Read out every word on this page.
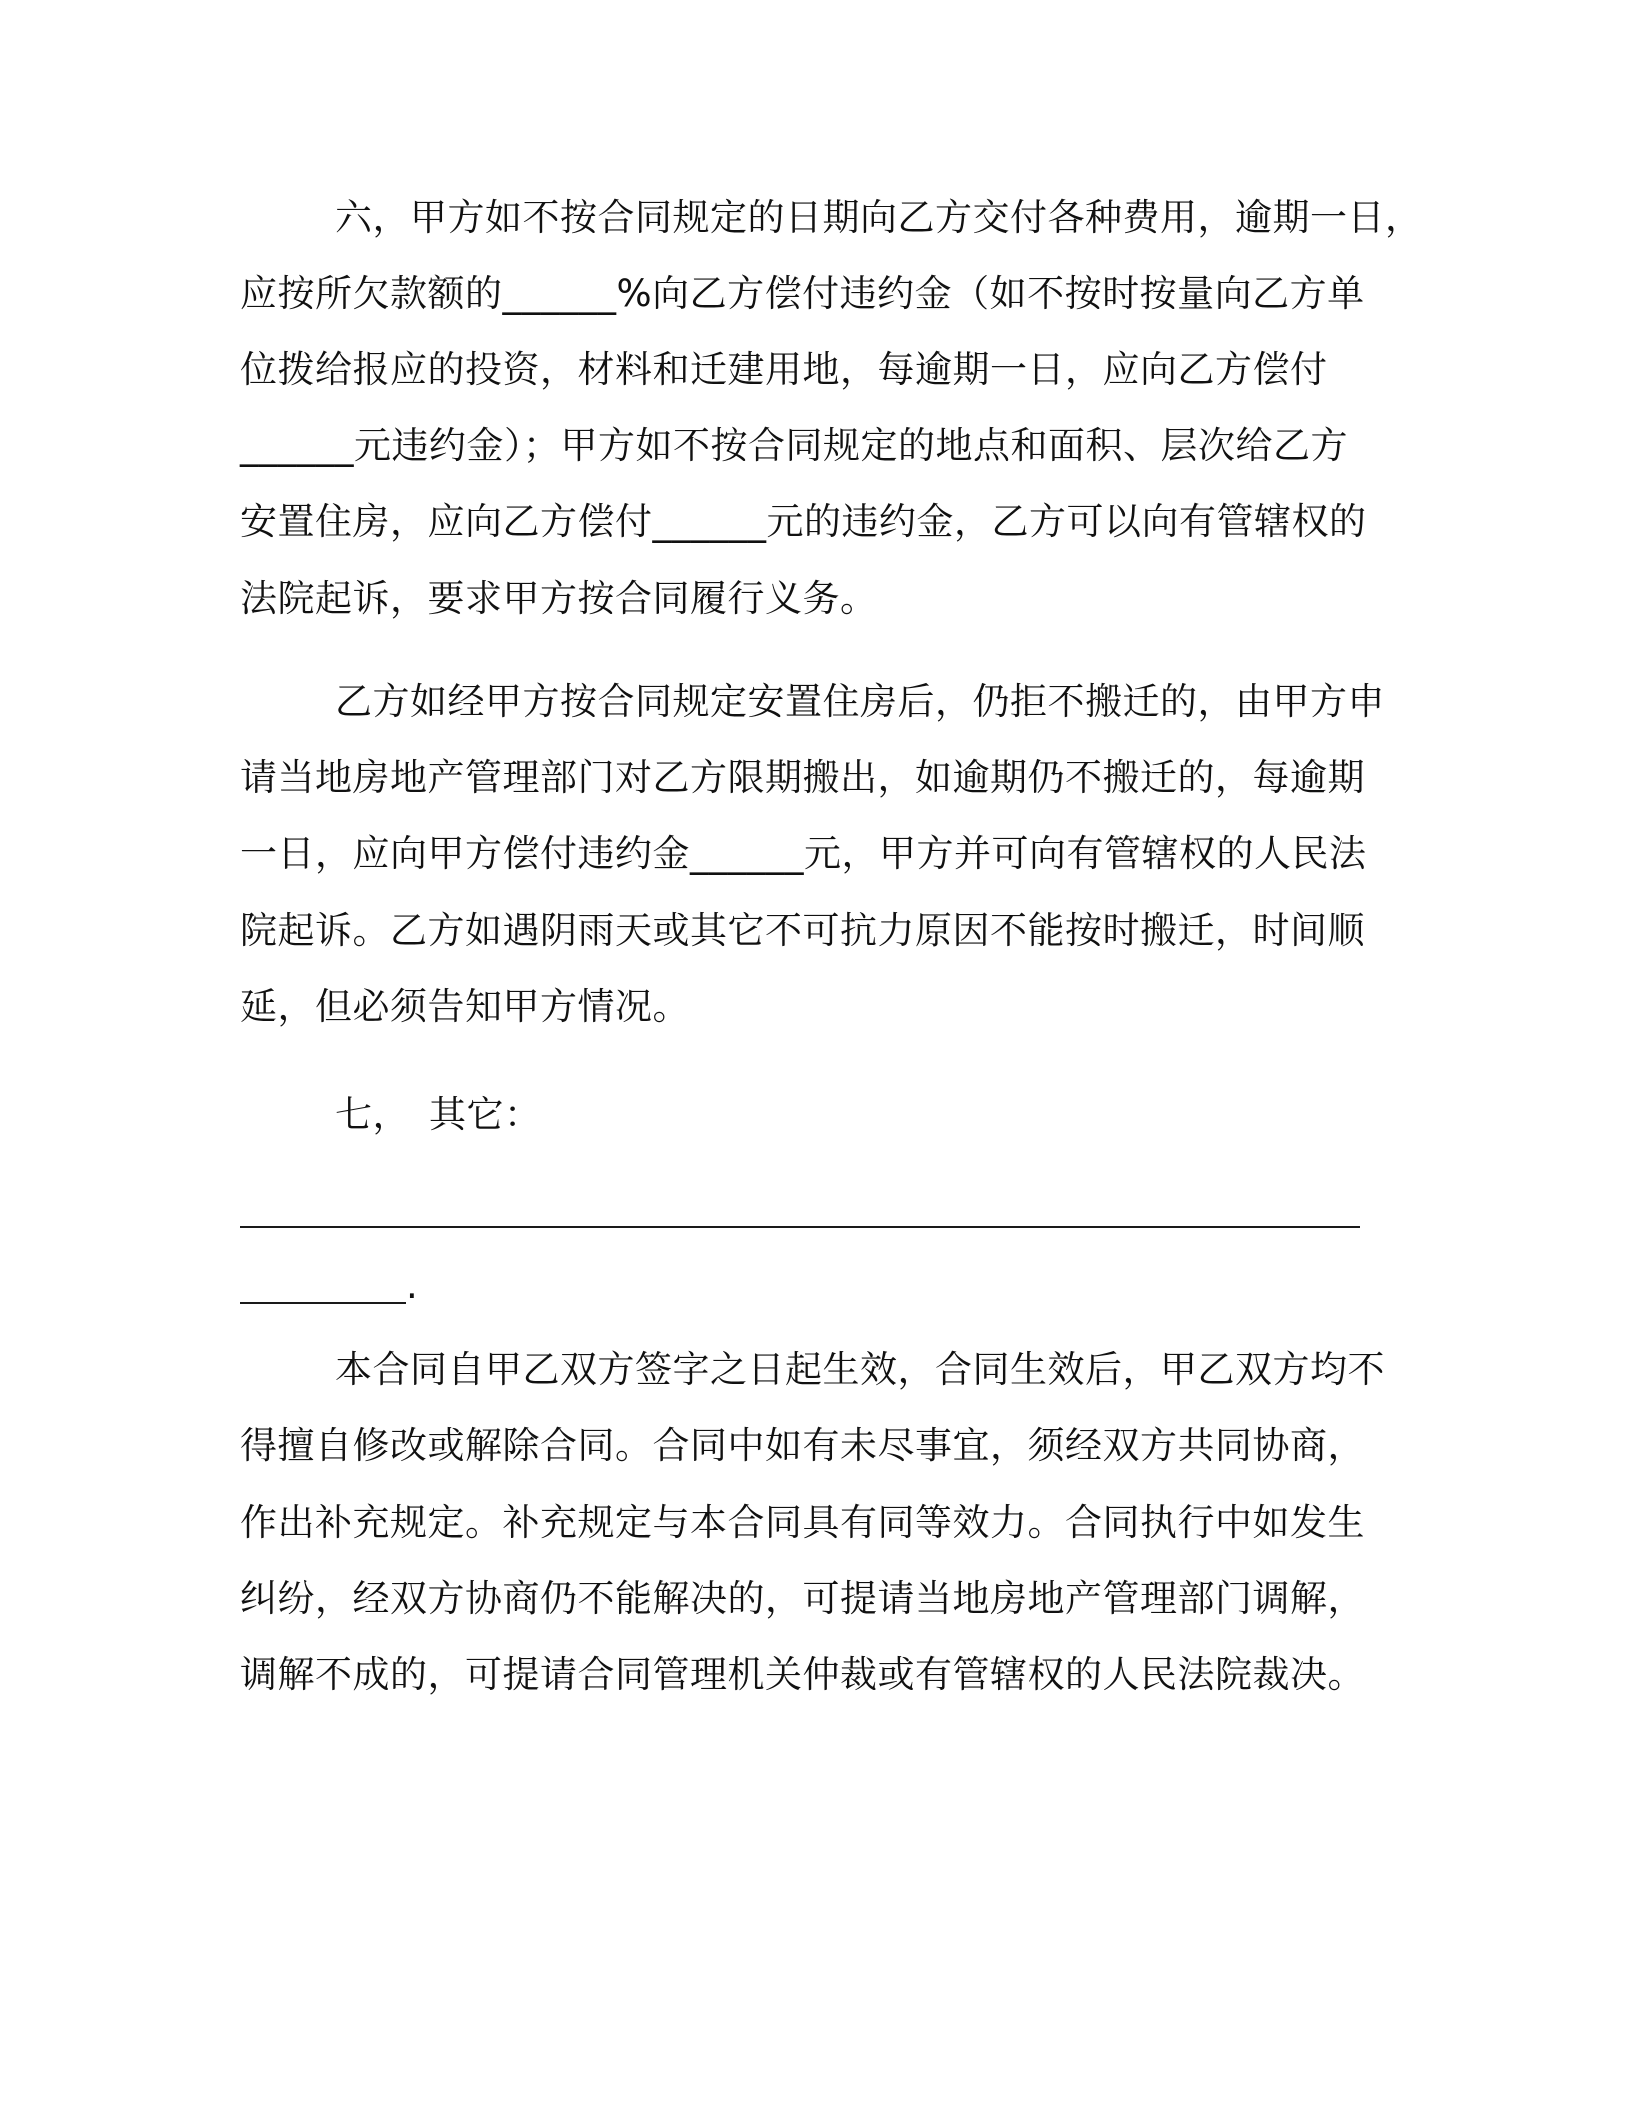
六，甲方如不按合同规定的日期向乙方交付各种费用，逾期一日，

应按所欠款额的______%向乙方偿付违约金（如不按时按量向乙方单

位拨给报应的投资，材料和迁建用地，每逾期一日，应向乙方偿付

______元违约金）；甲方如不按合同规定的地点和面积、层次给乙方

安置住房，应向乙方偿付______元的违约金，乙方可以向有管辖权的

法院起诉，要求甲方按合同履行义务。

乙方如经甲方按合同规定安置住房后，仍拒不搬迁的，由甲方申

请当地房地产管理部门对乙方限期搬出，如逾期仍不搬迁的，每逾期

一日，应向甲方偿付违约金______元，甲方并可向有管辖权的人民法

院起诉。乙方如遇阴雨天或其它不可抗力原因不能按时搬迁，时间顺

延，但必须告知甲方情况。

七，　其它：

.

本合同自甲乙双方签字之日起生效，合同生效后，甲乙双方均不

得擅自修改或解除合同。合同中如有未尽事宜，须经双方共同协商，

作出补充规定。补充规定与本合同具有同等效力。合同执行中如发生

纠纷，经双方协商仍不能解决的，可提请当地房地产管理部门调解，

调解不成的，可提请合同管理机关仲裁或有管辖权的人民法院裁决。
